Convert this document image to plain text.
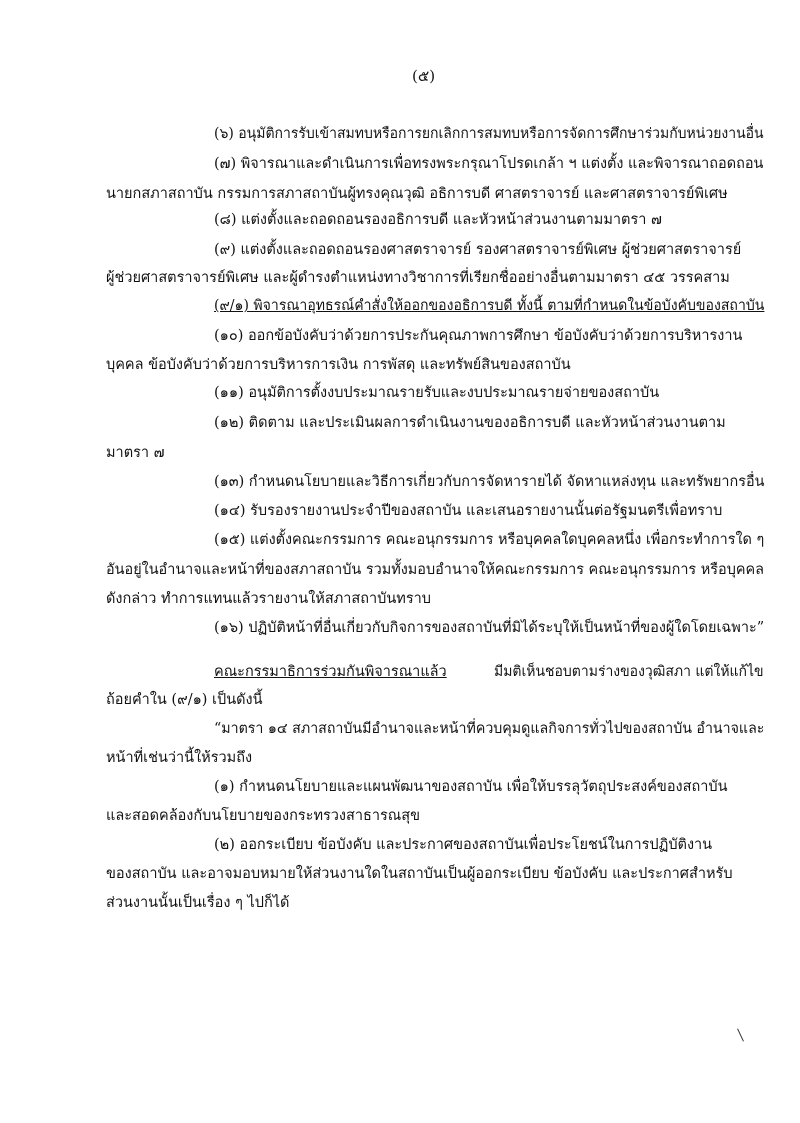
(๕)
(๖) อนุมัติการรับเข้าสมทบหรือการยกเลิกการสมทบหรือการจัดการศึกษาร่วมกับหน่วยงานอื่น
(๗) พิจารณาและดำเนินการเพื่อทรงพระกรุณาโปรดเกล้า ฯ แต่งตั้ง และพิจารณาถอดถอน
นายกสภาสถาบัน กรรมการสภาสถาบันผู้ทรงคุณวุฒิ อธิการบดี ศาสตราจารย์ และศาสตราจารย์พิเศษ
(๘) แต่งตั้งและถอดถอนรองอธิการบดี และหัวหน้าส่วนงานตามมาตรา ๗
(๙) แต่งตั้งและถอดถอนรองศาสตราจารย์ รองศาสตราจารย์พิเศษ ผู้ช่วยศาสตราจารย์
ผู้ช่วยศาสตราจารย์พิเศษ และผู้ดำรงตำแหน่งทางวิชาการที่เรียกชื่ออย่างอื่นตามมาตรา ๔๕ วรรคสาม
(๙/๑) พิจารณาอุทธรณ์คำสั่งให้ออกของอธิการบดี ทั้งนี้ ตามที่กำหนดในข้อบังคับของสถาบัน
(๑๐) ออกข้อบังคับว่าด้วยการประกันคุณภาพการศึกษา ข้อบังคับว่าด้วยการบริหารงาน
บุคคล ข้อบังคับว่าด้วยการบริหารการเงิน การพัสดุ และทรัพย์สินของสถาบัน
(๑๑) อนุมัติการตั้งงบประมาณรายรับและงบประมาณรายจ่ายของสถาบัน
(๑๒) ติดตาม และประเมินผลการดำเนินงานของอธิการบดี และหัวหน้าส่วนงานตาม
มาตรา ๗
(๑๓) กำหนดนโยบายและวิธีการเกี่ยวกับการจัดหารายได้ จัดหาแหล่งทุน และทรัพยากรอื่น
(๑๔) รับรองรายงานประจำปีของสถาบัน และเสนอรายงานนั้นต่อรัฐมนตรีเพื่อทราบ
(๑๕) แต่งตั้งคณะกรรมการ คณะอนุกรรมการ หรือบุคคลใดบุคคลหนึ่ง เพื่อกระทำการใด ๆ
อันอยู่ในอำนาจและหน้าที่ของสภาสถาบัน รวมทั้งมอบอำนาจให้คณะกรรมการ คณะอนุกรรมการ หรือบุคคล
ดังกล่าว ทำการแทนแล้วรายงานให้สภาสถาบันทราบ
(๑๖) ปฏิบัติหน้าที่อื่นเกี่ยวกับกิจการของสถาบันที่มิได้ระบุให้เป็นหน้าที่ของผู้ใดโดยเฉพาะ”
คณะกรรมาธิการร่วมกันพิจารณาแล้ว	มีมติเห็นชอบตามร่างของวุฒิสภา แต่ให้แก้ไข
ถ้อยคำใน (๙/๑) เป็นดังนี้
“มาตรา ๑๔ สภาสถาบันมีอำนาจและหน้าที่ควบคุมดูแลกิจการทั่วไปของสถาบัน อำนาจและ
หน้าที่เช่นว่านี้ให้รวมถึง
(๑) กำหนดนโยบายและแผนพัฒนาของสถาบัน เพื่อให้บรรลุวัตถุประสงค์ของสถาบัน
และสอดคล้องกับนโยบายของกระทรวงสาธารณสุข
(๒) ออกระเบียบ ข้อบังคับ และประกาศของสถาบันเพื่อประโยชน์ในการปฏิบัติงาน
ของสถาบัน และอาจมอบหมายให้ส่วนงานใดในสถาบันเป็นผู้ออกระเบียบ ข้อบังคับ และประกาศสำหรับ
ส่วนงานนั้นเป็นเรื่อง ๆ ไปก็ได้
